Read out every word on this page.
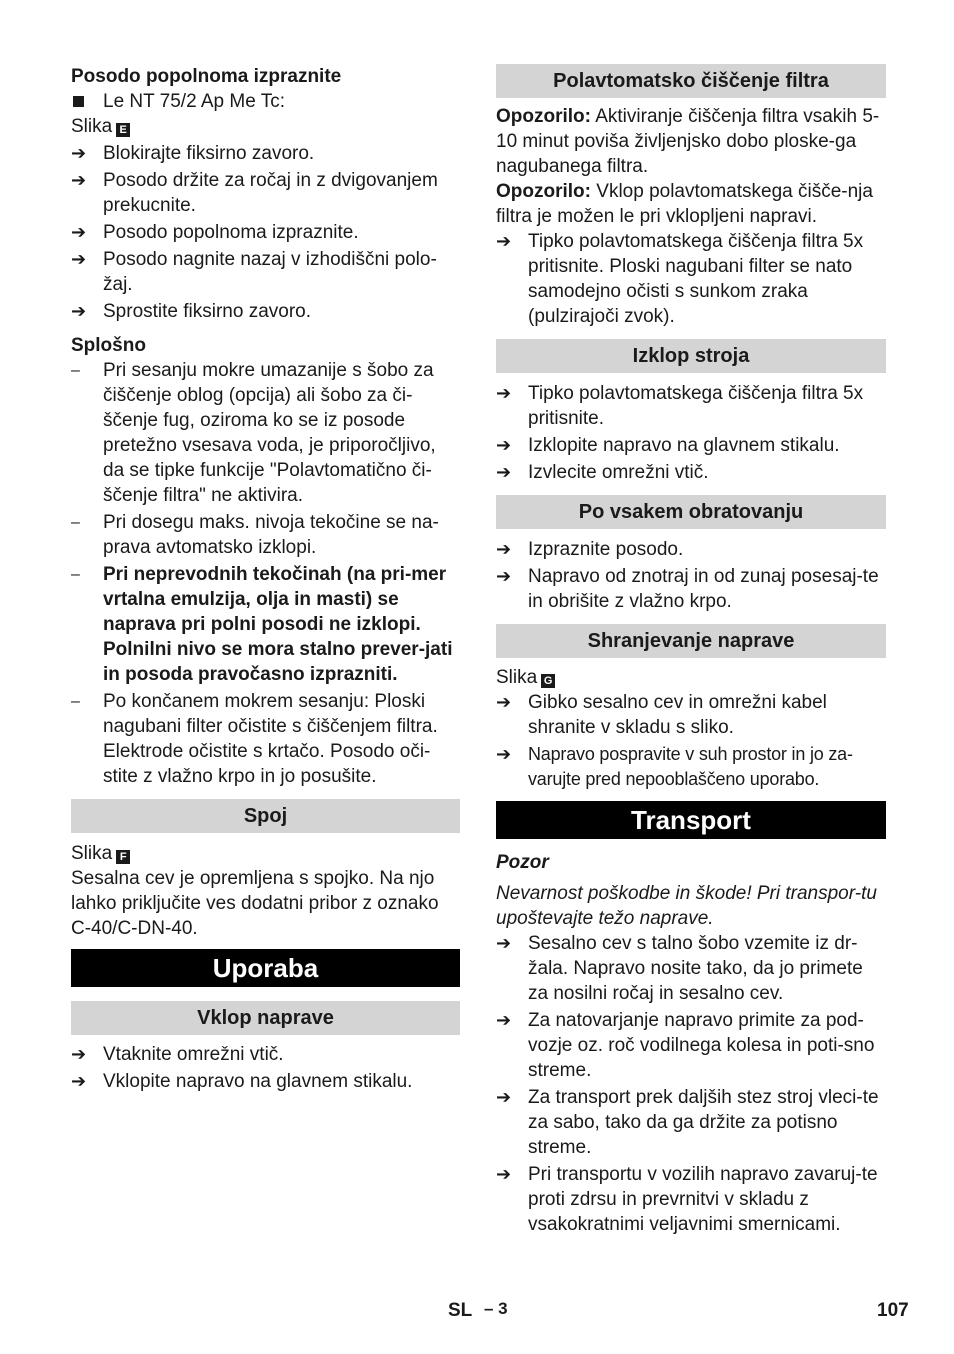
Posodo popolnoma izpraznite

Le NT 75/2 Ap Me Tc:

Slika E

➔ Blokirajte fiksirno zavoro.
➔ Posodo držite za ročaj in z dvigovanjem prekucnite.
➔ Posodo popolnoma izpraznite.
➔ Posodo nagnite nazaj v izhodiščni polo-žaj.
➔ Sprostite fiksirno zavoro.

Splošno

–	Pri sesanju mokre umazanije s šobo za čiščenje oblog (opcija) ali šobo za či-ščenje fug, oziroma ko se iz posode pretežno vsesava voda, je priporočljivo, da se tipke funkcije "Polavtomatično či-ščenje filtra" ne aktivira.
–	Pri dosegu maks. nivoja tekočine se na-prava avtomatsko izklopi.
–	Pri neprevodnih tekočinah (na pri-mer vrtalna emulzija, olja in masti) se naprava pri polni posodi ne izklopi. Polnilni nivo se mora stalno prever-jati in posoda pravočasno izprazniti.
–	Po končanem mokrem sesanju: Ploski nagubani filter očistite s čiščenjem filtra. Elektrode očistite s krtačo. Posodo oči-stite z vlažno krpo in jo posušite.
Spoj

Slika F

Sesalna cev je opremljena s spojko. Na njo lahko priključite ves dodatni pribor z oznako C-40/C-DN-40.

Uporaba
Vklop naprave
➔ Vtaknite omrežni vtič.
➔ Vklopite napravo na glavnem stikalu.
Polavtomatsko čiščenje filtra

Opozorilo: Aktiviranje čiščenja filtra vsakih 5-10 minut poviša življenjsko dobo ploske-ga nagubanega filtra.

Opozorilo: Vklop polavtomatskega čišče-nja filtra je možen le pri vklopljeni napravi.

➔ Tipko polavtomatskega čiščenja filtra 5x pritisnite. Ploski nagubani filter se nato samodejno očisti s sunkom zraka (pulzirajoči zvok).
Izklop stroja
➔ Tipko polavtomatskega čiščenja filtra 5x pritisnite.
➔ Izklopite napravo na glavnem stikalu.
➔ Izvlecite omrežni vtič.
Po vsakem obratovanju
➔ Izpraznite posodo.
➔ Napravo od znotraj in od zunaj posesaj-te in obrišite z vlažno krpo.
Shranjevanje naprave

Slika G

➔ Gibko sesalno cev in omrežni kabel shranite v skladu s sliko.
➔ Napravo pospravite v suh prostor in jo za-varujte pred nepooblaščeno uporabo.
Transport

Pozor

Nevarnost poškodbe in škode! Pri transpor-tu upoštevajte težo naprave.

➔ Sesalno cev s talno šobo vzemite iz dr-žala. Napravo nosite tako, da jo primete za nosilni ročaj in sesalno cev.
➔ Za natovarjanje napravo primite za pod-vozje oz. roč vodilnega kolesa in poti-sno streme.
➔ Za transport prek daljših stez stroj vleci-te za sabo, tako da ga držite za potisno streme.
➔ Pri transportu v vozilih napravo zavaruj-te proti zdrsu in prevrnitvi v skladu z vsakokratnimi veljavnimi smernicami.
SL – 3	107
